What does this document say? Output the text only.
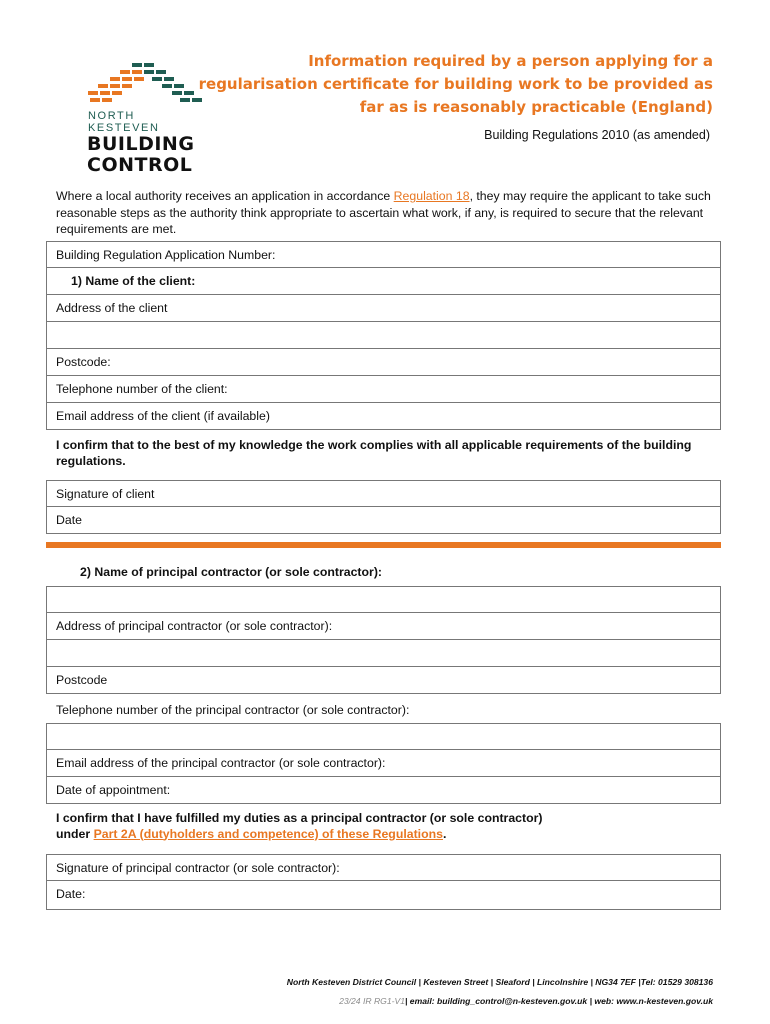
NORTH KESTEVEN
BUILDING
CONTROL
Information required by a person applying for a regularisation certificate for building work to be provided as far as is reasonably practicable (England)
Building Regulations 2010 (as amended)
Where a local authority receives an application in accordance Regulation 18, they may require the applicant to take such reasonable steps as the authority think appropriate to ascertain what work, if any, is required to secure that the relevant requirements are met.
Building Regulation Application Number:
1) Name of the client:
Address of the client
Postcode:
Telephone number of the client:
Email address of the client (if available)
I confirm that to the best of my knowledge the work complies with all applicable requirements of the building regulations.
Signature of client
Date
2) Name of principal contractor (or sole contractor):
Address of principal contractor (or sole contractor):
Postcode
Telephone number of the principal contractor (or sole contractor):
Email address of the principal contractor (or sole contractor):
Date of appointment:
I confirm that I have fulfilled my duties as a principal contractor (or sole contractor)
under Part 2A (dutyholders and competence) of these Regulations.
Signature of principal contractor (or sole contractor):
Date:
North Kesteven District Council | Kesteven Street | Sleaford | Lincolnshire | NG34 7EF |Tel: 01529 308136
23/24 IR RG1-V1| email: building_control@n-kesteven.gov.uk | web: www.n-kesteven.gov.uk
